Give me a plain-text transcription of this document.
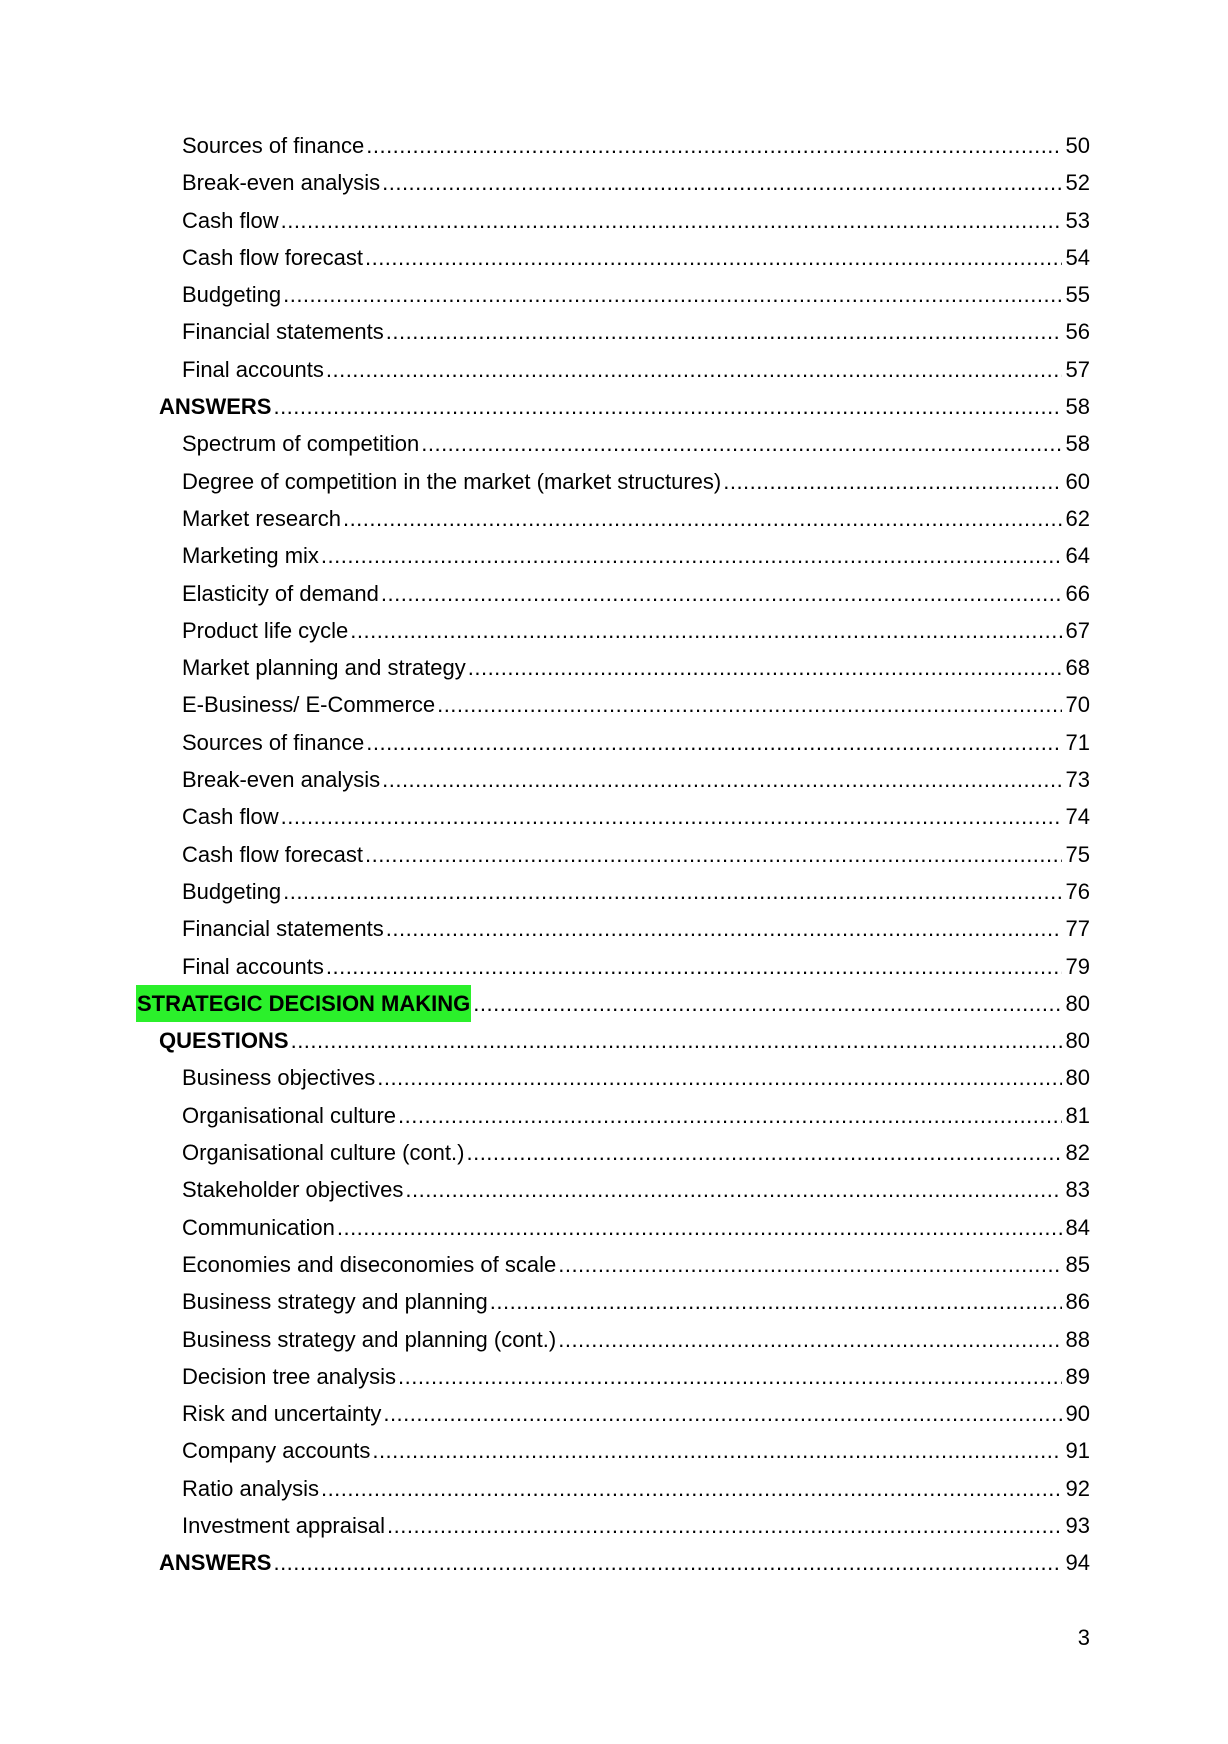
Sources of finance .....	50
Break-even analysis .....	52
Cash flow .....	53
Cash flow forecast .....	54
Budgeting .....	55
Financial statements .....	56
Final accounts .....	57
ANSWERS .....	58
Spectrum of competition .....	58
Degree of competition in the market (market structures) .....	60
Market research .....	62
Marketing mix .....	64
Elasticity of demand .....	66
Product life cycle .....	67
Market planning and strategy .....	68
E-Business/ E-Commerce .....	70
Sources of finance .....	71
Break-even analysis .....	73
Cash flow .....	74
Cash flow forecast .....	75
Budgeting .....	76
Financial statements .....	77
Final accounts .....	79
STRATEGIC DECISION MAKING .....	80
QUESTIONS .....	80
Business objectives .....	80
Organisational culture .....	81
Organisational culture (cont.) .....	82
Stakeholder objectives .....	83
Communication .....	84
Economies and diseconomies of scale .....	85
Business strategy and planning .....	86
Business strategy and planning (cont.) .....	88
Decision tree analysis .....	89
Risk and uncertainty .....	90
Company accounts .....	91
Ratio analysis .....	92
Investment appraisal .....	93
ANSWERS .....	94
3
